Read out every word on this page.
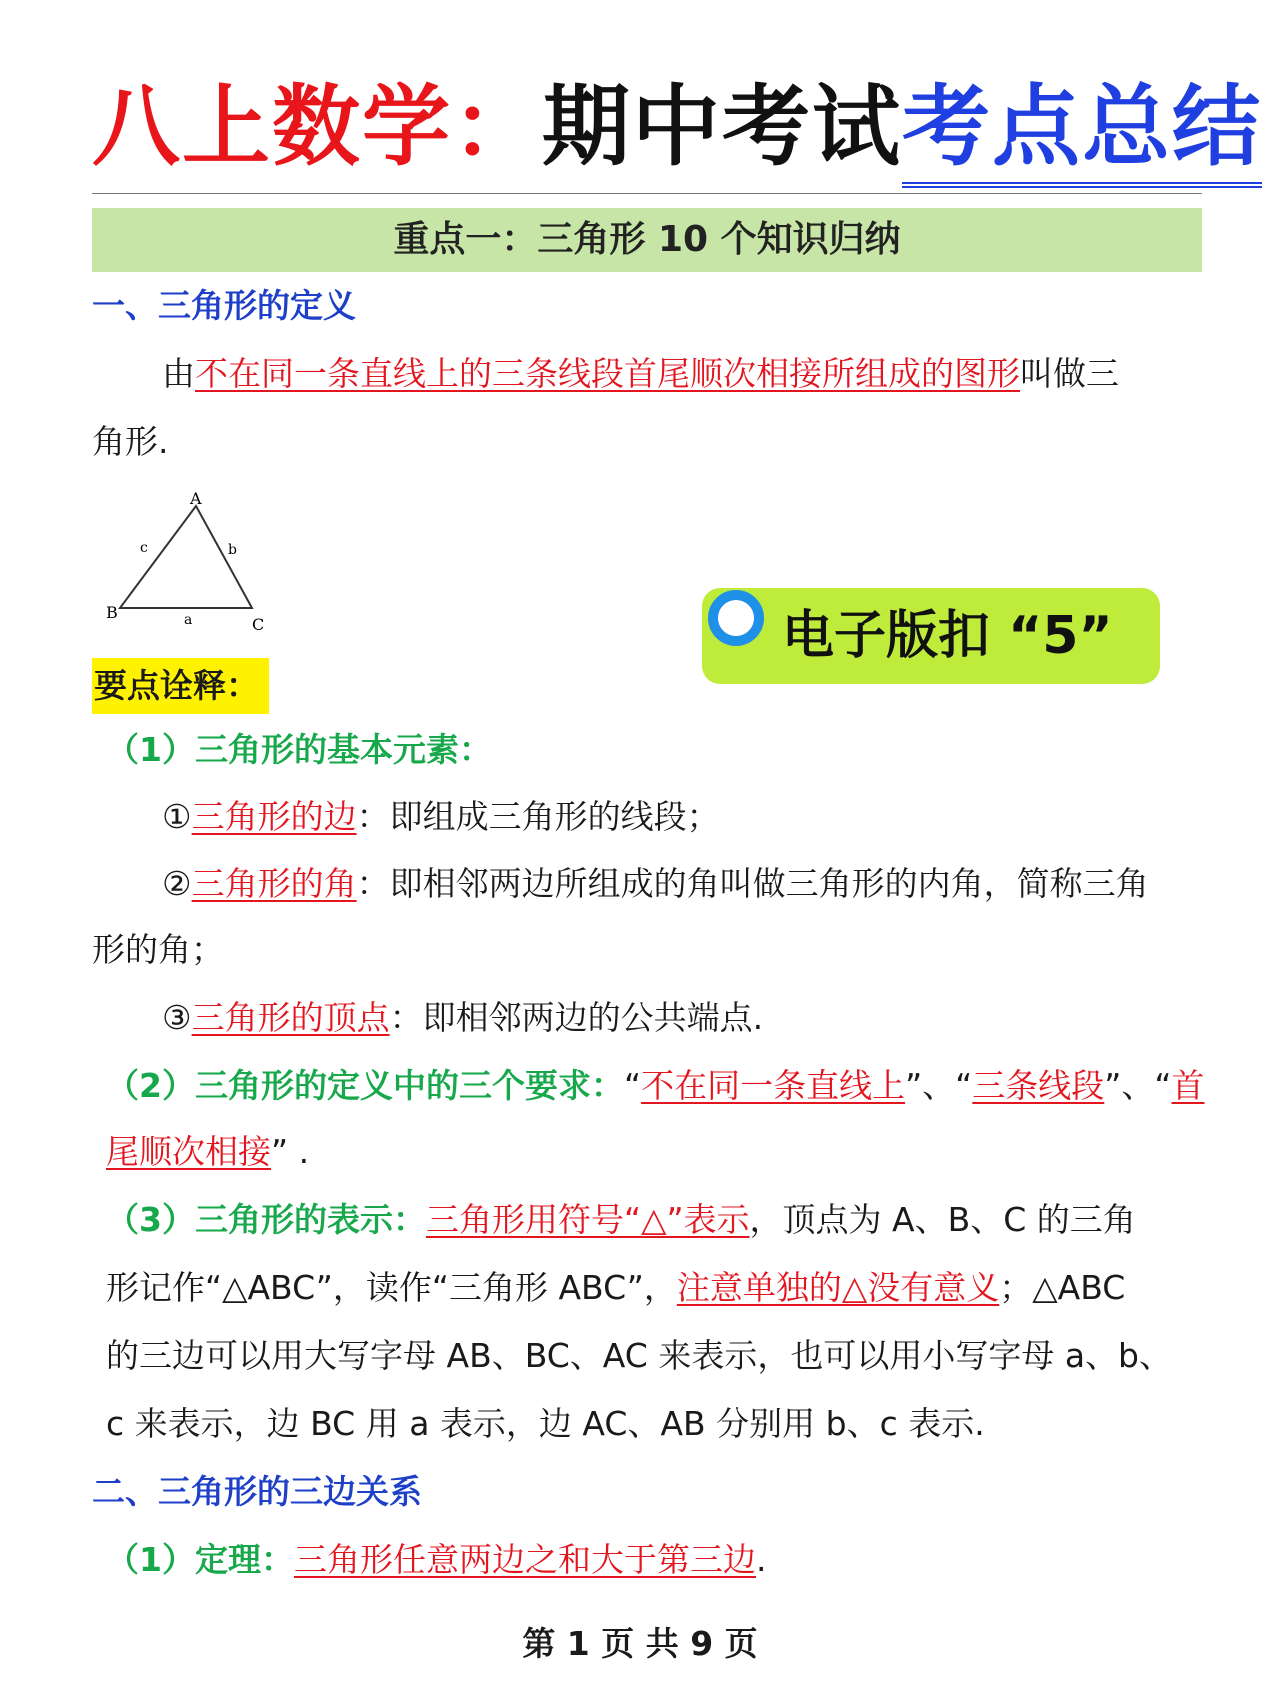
八上数学：期中考试考点总结
重点一：三角形 10 个知识归纳
一、三角形的定义
由不在同一条直线上的三条线段首尾顺次相接所组成的图形叫做三
角形.
A
B
C
a
b
c
电子版扣 “5”
要点诠释：
（1）三角形的基本元素：
①三角形的边：即组成三角形的线段；
②三角形的角：即相邻两边所组成的角叫做三角形的内角，简称三角
形的角；
③三角形的顶点：即相邻两边的公共端点.
（2）三角形的定义中的三个要求：“不在同一条直线上”、“三条线段”、“首
尾顺次相接” .
（3）三角形的表示：三角形用符号“△”表示，顶点为 A、B、C 的三角
形记作“△ABC”，读作“三角形 ABC”，注意单独的△没有意义；△ABC
的三边可以用大写字母 AB、BC、AC 来表示，也可以用小写字母 a、b、
c 来表示，边 BC 用 a 表示，边 AC、AB 分别用 b、c 表示.
二、三角形的三边关系
（1）定理：三角形任意两边之和大于第三边.
第 1 页 共 9 页
